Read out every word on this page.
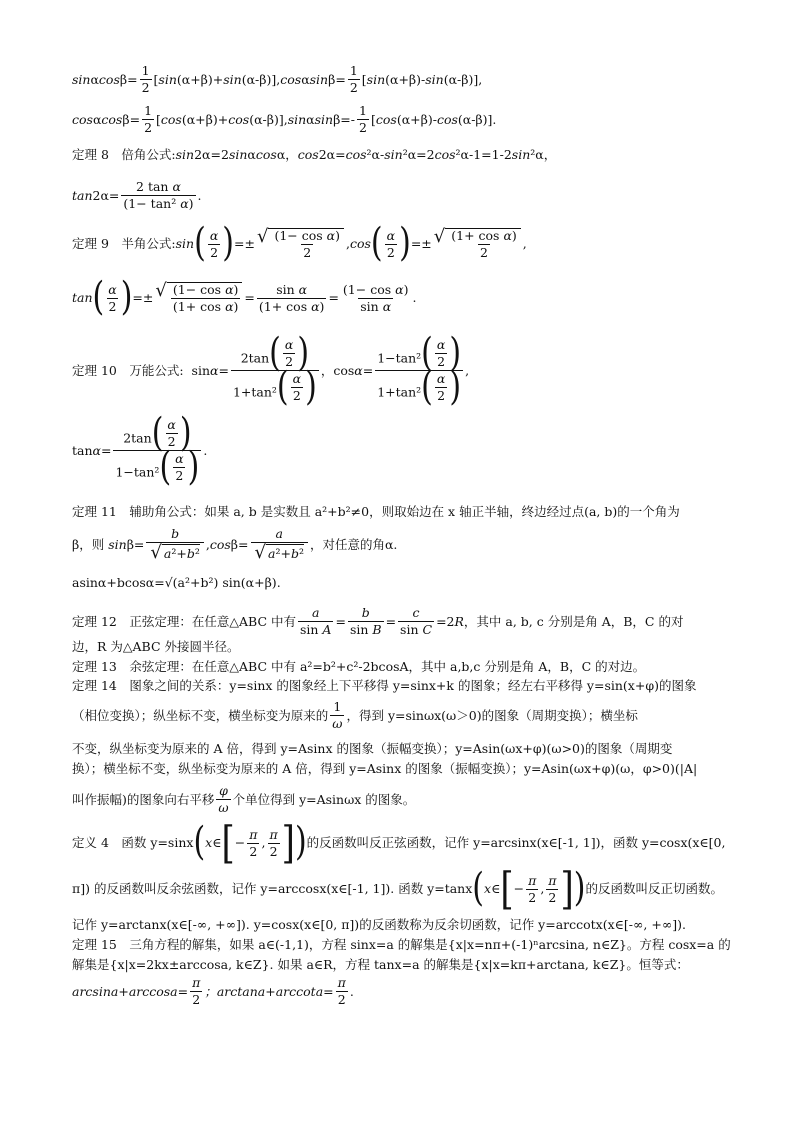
sin α $\cos \beta= \frac{1}{2}$ [ sin (α+β)+ sin (α-β)], cos α $\sin \beta= \frac{1}{2}$ [ sin (α+β)- sin (α-β)],
cos α $\cos \beta= \frac{1}{2}$ [ cos (α+β)+ cos (α-β)], sin α $\sin \beta=- \frac{1}{2}$ [ cos (α+β)- cos (α-β)].
定理 8　倍角公式:sin2α=2sinαcosα，cos2α=cos²α-sin²α=2cos²α-1=1-2sin²α，
$\tan 2\alpha= \frac{\text{2 tan α}}{\text{(1− tan² α)}}$ .
定理 9　半角公式: sin ( $\frac{\alpha}{2}$ ) =± √ $\frac{\text{(1− cos α)}}{2}$ , cos ( $\frac{\alpha}{2}$ ) =± √ $\frac{\text{(1+ cos α)}}{2}$ ,
tan ( $\frac{\alpha}{2}$ ) =± √ $\frac{\text{(1− cos α)}}{\text{(1+ cos α)}} = \frac{\text{sin α}}{\text{(1+ cos α)}} = \frac{\text{(1− cos α)}}{\text{sin α}}$ .
定理 10　万能公式: $\sin \alpha = \frac{2\tan ( \frac{\alpha}{2} )}{1+\tan^2 ( \frac{\alpha}{2} )}$ ，$\cos \alpha = \frac{1-\tan^2 ( \frac{\alpha}{2} )}{1+\tan^2 ( \frac{\alpha}{2} )}$ ,
$\tan \alpha = \frac{2\tan ( \frac{\alpha}{2} )}{1-\tan^2 ( \frac{\alpha}{2} )}$ .
定理 11　辅助角公式：如果 a, b 是实数且 a²+b²≠0，则取始边在 x 轴正半轴，终边经过点(a, b)的一个角为
β，则
$\sin \beta= \frac{b}{\text{√ a ²+ b ²}}$ , $\cos \beta= \frac{a}{\text{√ a ²+ b ²}}$ ，对任意的角α.
asinα+bcosα=√(a²+b²) sin(α+β).
定理 12　正弦定理：在任意△ABC 中有 $\frac{a}{\text{sin A}} = \frac{b}{\text{sin B}} = \frac{c}{\text{sin C}} =2$ R ，其中 a, b, c 分别是角 A，B，C 的对
边，R 为△ABC 外接圆半径。
定理 13　余弦定理：在任意△ABC 中有 a²=b²+c²-2bcosA，其中 a,b,c 分别是角 A，B，C 的对边。
定理 14　图象之间的关系：y=sinx 的图象经上下平移得 y=sinx+k 的图象；经左右平移得 y=sin(x+φ)的图象
（相位变换）；纵坐标不变，横坐标变为原来的 $\frac{1}{\omega}$ ，得到 y=sinωx(ω＞0)的图象（周期变换）；横坐标
不变，纵坐标变为原来的 A 倍，得到 y=Asinx 的图象（振幅变换）；y=Asin(ωx+φ)(ω>0)的图象（周期变
换）；横坐标不变，纵坐标变为原来的 A 倍，得到 y=Asinx 的图象（振幅变换）；y=Asin(ωx+φ)(ω，φ>0)(|A|
叫作振幅)的图象向右平移 $\frac{\varphi}{\omega}$ 个单位得到 y=Asinωx 的图象。
定义 4　函数 y=sinx ( x ∈ [ − $\frac{\pi}{2}$ , $\frac{\pi}{2}$ ] ) 的反函数叫反正弦函数，记作 y=arcsinx(x∈[-1, 1])，函数 y=cosx(x∈[0,
π]) 的反函数叫反余弦函数，记作 y=arccosx(x∈[-1, 1]). 函数 y=tanx ( x ∈ [ − $\frac{\pi}{2}$ , $\frac{\pi}{2}$ ] ) 的反函数叫反正切函数。
记作 y=arctanx(x∈[-∞, +∞]). y=cosx(x∈[0, π])的反函数称为反余切函数，记作 y=arccotx(x∈[-∞, +∞]).
定理 15　三角方程的解集，如果 a∈(-1,1)，方程 sinx=a 的解集是{x|x=nπ+(-1)ⁿarcsina, n∈Z}。方程 cosx=a 的
解集是{x|x=2kx±arccosa, k∈Z}. 如果 a∈R，方程 tanx=a 的解集是{x|x=kπ+arctana, k∈Z}。恒等式：
$\arcsin a+\arccos a= \frac{\pi}{2}$ ；$\arctan a+arccota= \frac{\pi}{2}$ .
